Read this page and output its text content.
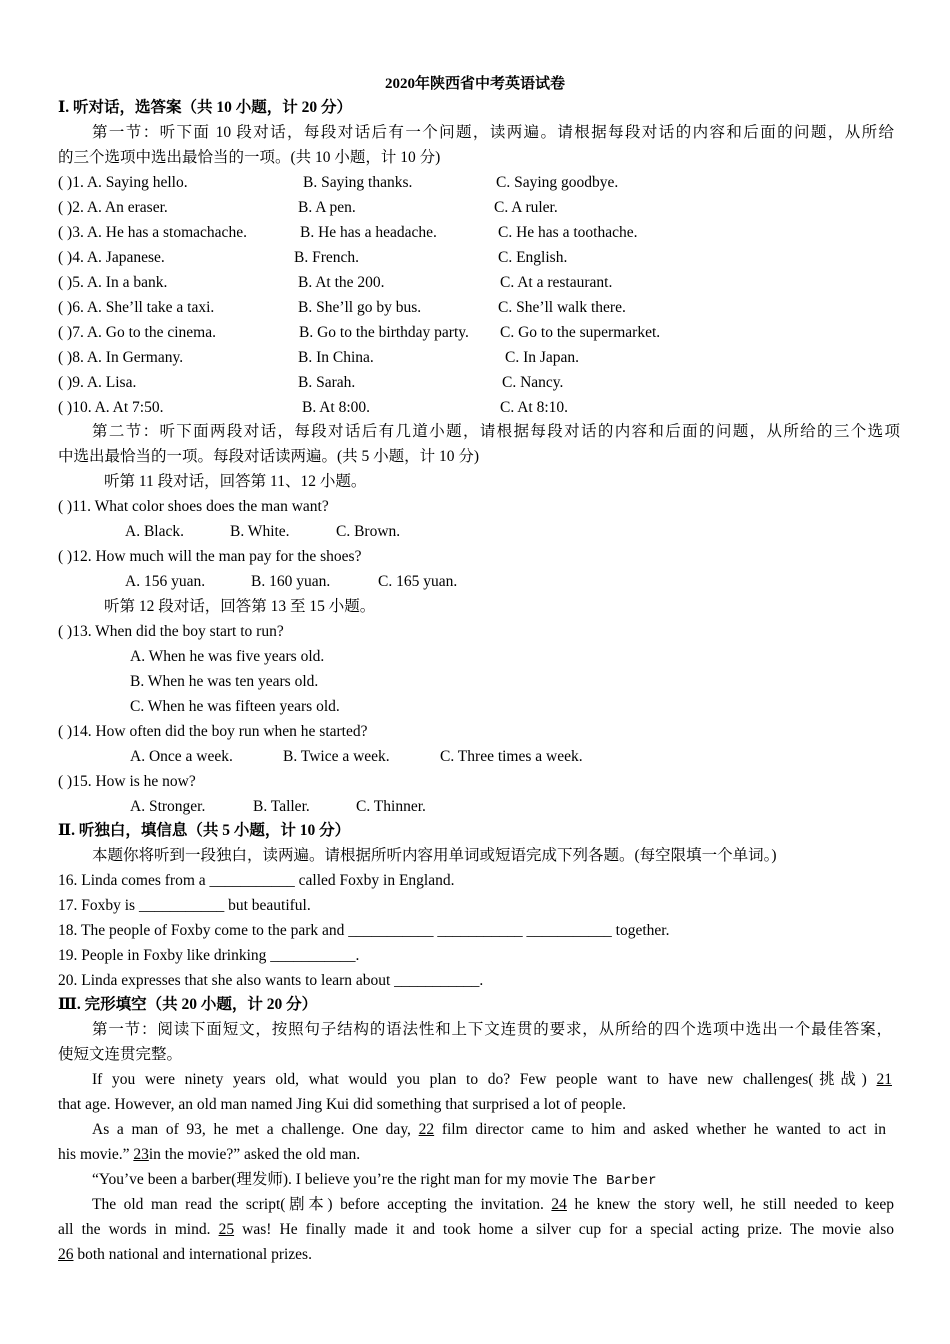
2020年陕西省中考英语试卷
Ⅰ. 听对话，选答案（共 10 小题，计 20 分）
第一节：听下面 10 段对话，每段对话后有一个问题，读两遍。请根据每段对话的内容和后面的问题，从所给
的三个选项中选出最恰当的一项。(共 10 小题，计 10 分)
( )1. A. Saying hello.	B. Saying thanks.	C. Saying goodbye.
( )2. A. An eraser.	B. A pen.	C. A ruler.
( )3. A. He has a stomachache.	B. He has a headache.	C. He has a toothache.
( )4. A. Japanese.	B. French.	C. English.
( )5. A. In a bank.	B. At the 200.	C. At a restaurant.
( )6. A. She’ll take a taxi.	B. She’ll go by bus.	C. She’ll walk there.
( )7. A. Go to the cinema.	B. Go to the birthday party. C. Go to the supermarket.
( )8. A. In Germany.	B. In China.	C. In Japan.
( )9. A. Lisa.	B. Sarah.	C. Nancy.
( )10. A. At 7:50.	B. At 8:00.	C. At 8:10.
第二节：听下面两段对话，每段对话后有几道小题，请根据每段对话的内容和后面的问题，从所给的三个选项
中选出最恰当的一项。每段对话读两遍。(共 5 小题，计 10 分)
听第 11 段对话，回答第 11、12 小题。
( )11. What color shoes does the man want?
A. Black.	B. White.	C. Brown.
( )12. How much will the man pay for the shoes?
A. 156 yuan.	B. 160 yuan.	C. 165 yuan.
听第 12 段对话，回答第 13 至 15 小题。
( )13. When did the boy start to run?
A. When he was five years old.
B. When he was ten years old.
C. When he was fifteen years old.
( )14. How often did the boy run when he started?
A. Once a week.	B. Twice a week.	C. Three times a week.
( )15. How is he now?
A. Stronger.	B. Taller.	C. Thinner.
Ⅱ. 听独白，填信息（共 5 小题，计 10 分）
本题你将听到一段独白，读两遍。请根据所听内容用单词或短语完成下列各题。(每空限填一个单词。)
16. Linda comes from a ___________ called Foxby in England.
17. Foxby is ___________ but beautiful.
18. The people of Foxby come to the park and ___________ ___________ ___________ together.
19. People in Foxby like drinking ___________.
20. Linda expresses that she also wants to learn about ___________.
Ⅲ. 完形填空（共 20 小题，计 20 分）
第一节：阅读下面短文，按照句子结构的语法性和上下文连贯的要求，从所给的四个选项中选出一个最佳答案，
使短文连贯完整。
If you were ninety years old, what would you plan to do? Few people want to have new challenges(挑战) 21
that age. However, an old man named Jing Kui did something that surprised a lot of people.
As a man of 93, he met a challenge. One day, 22 film director came to him and asked whether he wanted to act in
his movie.” 23in the movie?” asked the old man.
“You’ve been a barber(理发师). I believe you’re the right man for my movie The Barber
The old man read the script(剧本) before accepting the invitation. 24 he knew the story well, he still needed to keep
all the words in mind. 25 was! He finally made it and took home a silver cup for a special acting prize. The movie also
26 both national and international prizes.
